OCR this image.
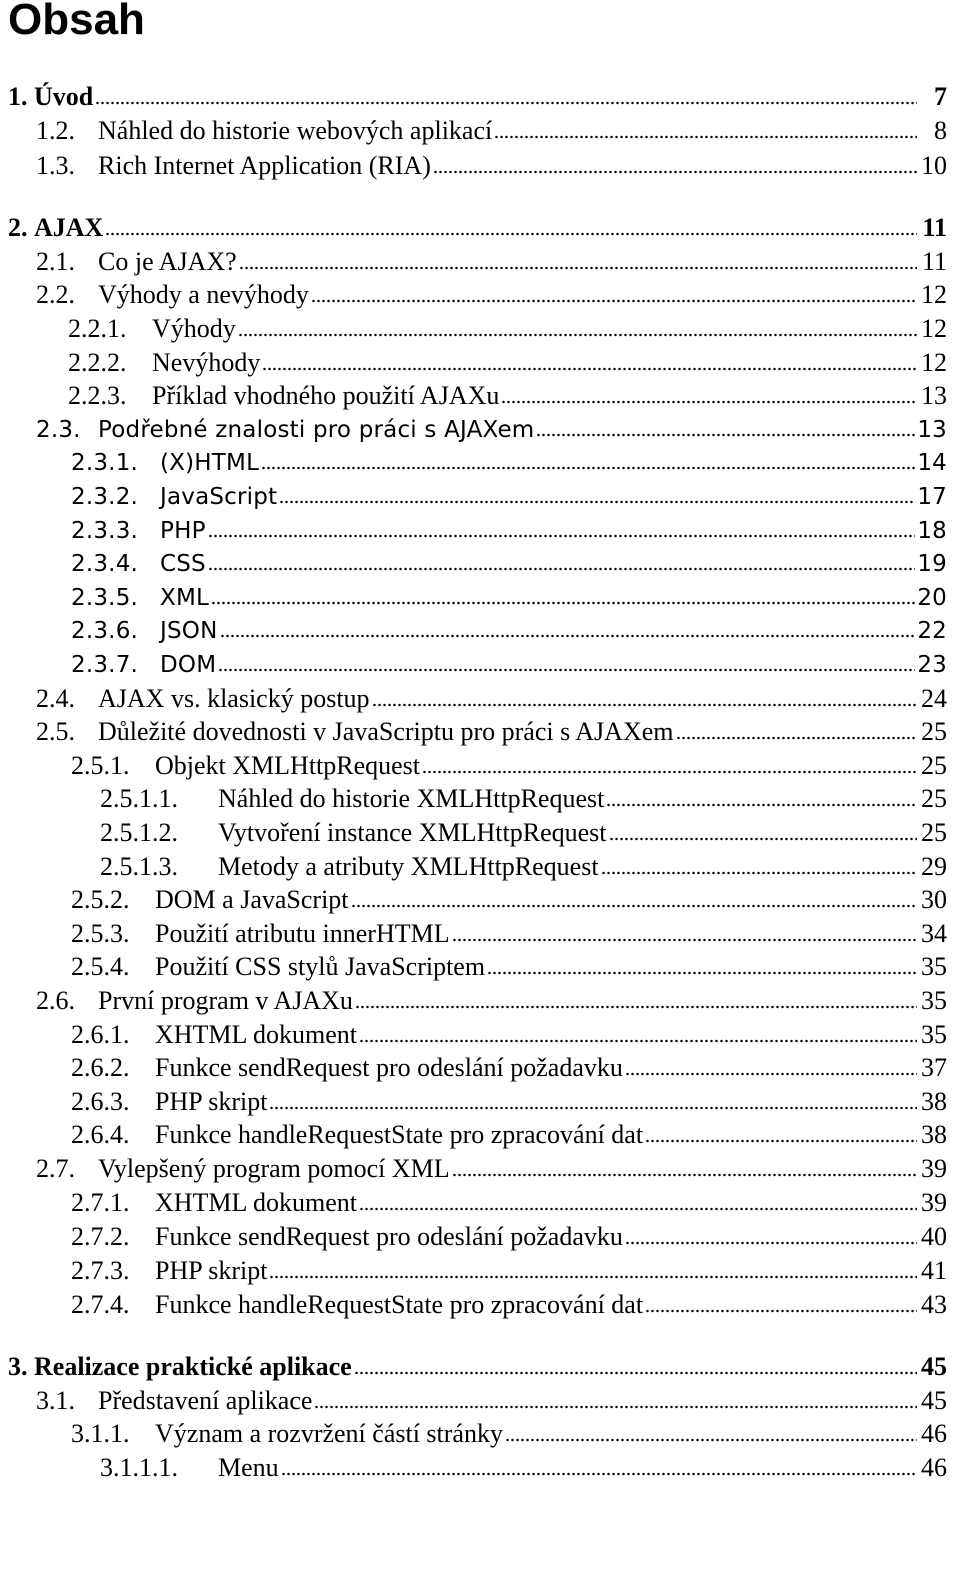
Obsah
1. Úvod	7
1.2. Náhled do historie webových aplikací	8
1.3. Rich Internet Application (RIA)	10
2. AJAX	11
2.1. Co je AJAX?	11
2.2. Výhody a nevýhody	12
2.2.1. Výhody	12
2.2.2. Nevýhody	12
2.2.3. Příklad vhodného použití AJAXu	13
2.3. Podřebné znalosti pro práci s AJAXem	13
2.3.1. (X)HTML	14
2.3.2. JavaScript	17
2.3.3. PHP	18
2.3.4. CSS	19
2.3.5. XML	20
2.3.6. JSON	22
2.3.7. DOM	23
2.4. AJAX vs. klasický postup	24
2.5. Důležité dovednosti v JavaScriptu pro práci s AJAXem	25
2.5.1. Objekt XMLHttpRequest	25
2.5.1.1.	Náhled do historie XMLHttpRequest	25
2.5.1.2.	Vytvoření instance XMLHttpRequest	25
2.5.1.3.	Metody a atributy XMLHttpRequest	29
2.5.2. DOM a JavaScript	30
2.5.3. Použití atributu innerHTML	34
2.5.4. Použití CSS stylů JavaScriptem	35
2.6. První program v AJAXu	35
2.6.1. XHTML dokument	35
2.6.2. Funkce sendRequest pro odeslání požadavku	37
2.6.3. PHP skript	38
2.6.4. Funkce handleRequestState pro zpracování dat	38
2.7. Vylepšený program pomocí XML	39
2.7.1. XHTML dokument	39
2.7.2. Funkce sendRequest pro odeslání požadavku	40
2.7.3. PHP skript	41
2.7.4. Funkce handleRequestState pro zpracování dat	43
3. Realizace praktické aplikace	45
3.1. Představení aplikace	45
3.1.1. Význam a rozvržení částí stránky	46
3.1.1.1.	Menu	46
